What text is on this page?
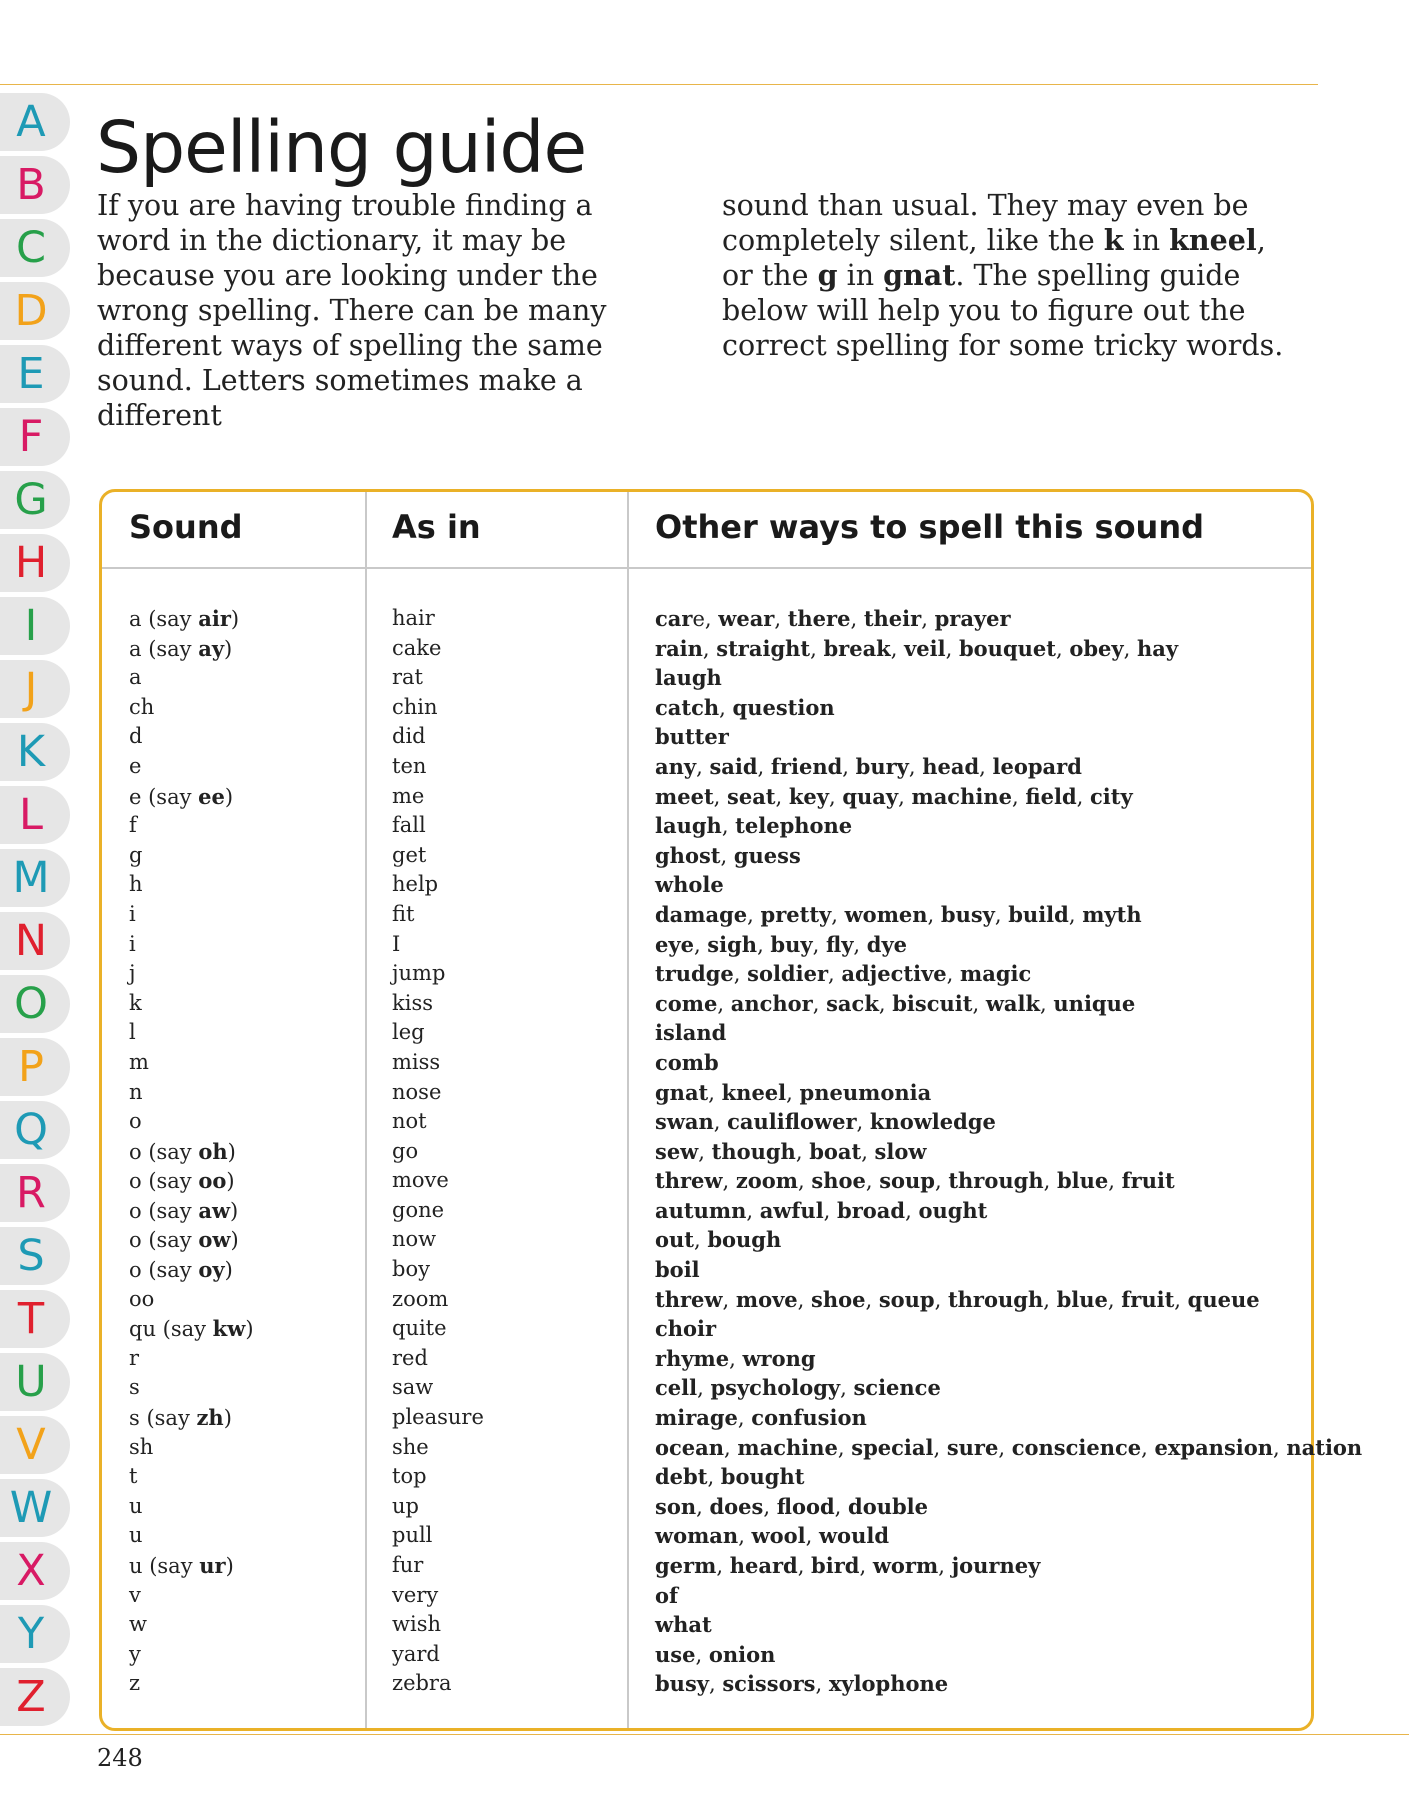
A
B
C
D
E
F
G
H
I
J
K
L
M
N
O
P
Q
R
S
T
U
V
W
X
Y
Z
Spelling guide

If you are having trouble finding a word in the dictionary, it may be because you are looking under the wrong spelling. There can be many different ways of spelling the same sound. Letters sometimes make a different

sound than usual. They may even be completely silent, like the k in kneel, or the g in gnat. The spelling guide below will help you to figure out the correct spelling for some tricky words.

Sound	As in	Other ways to spell this sound
a (say air)	hair	care, wear, there, their, prayer
a (say ay)	cake	rain, straight, break, veil, bouquet, obey, hay
a	rat	laugh
ch	chin	catch, question
d	did	butter
e	ten	any, said, friend, bury, head, leopard
e (say ee)	me	meet, seat, key, quay, machine, field, city
f	fall	laugh, telephone
g	get	ghost, guess
h	help	whole
i	fit	damage, pretty, women, busy, build, myth
i	I	eye, sigh, buy, fly, dye
j	jump	trudge, soldier, adjective, magic
k	kiss	come, anchor, sack, biscuit, walk, unique
l	leg	island
m	miss	comb
n	nose	gnat, kneel, pneumonia
o	not	swan, cauliflower, knowledge
o (say oh)	go	sew, though, boat, slow
o (say oo)	move	threw, zoom, shoe, soup, through, blue, fruit
o (say aw)	gone	autumn, awful, broad, ought
o (say ow)	now	out, bough
o (say oy)	boy	boil
oo	zoom	threw, move, shoe, soup, through, blue, fruit, queue
qu (say kw)	quite	choir
r	red	rhyme, wrong
s	saw	cell, psychology, science
s (say zh)	pleasure	mirage, confusion
sh	she	ocean, machine, special, sure, conscience, expansion, nation
t	top	debt, bought
u	up	son, does, flood, double
u	pull	woman, wool, would
u (say ur)	fur	germ, heard, bird, worm, journey
v	very	of
w	wish	what
y	yard	use, onion
z	zebra	busy, scissors, xylophone
248
